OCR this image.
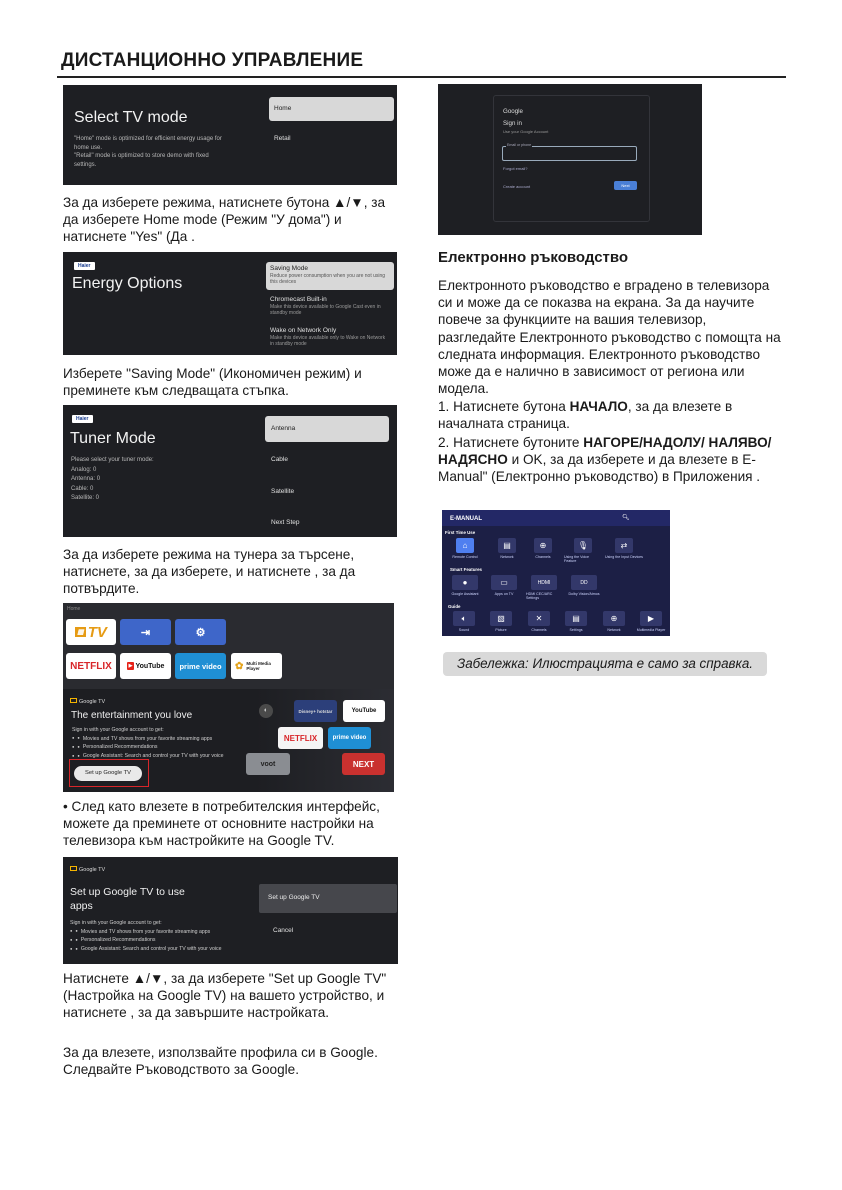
ДИСТАНЦИОННО УПРАВЛЕНИЕ
Select TV mode
"Home" mode is optimized for efficient energy usage for
home use.
"Retail" mode is optimized to store demo with fixed
settings.
Home
Retail

За да изберете режима, натиснете бутона ▲/▼, за да изберете Home mode (Режим "У дома") и натиснете "Yes" (Да .

Haier
Energy Options
Saving Mode
Reduce power consumption when you are not using this devices
Chromecast Built-in
Make this device available to Google Cast even in standby mode
Wake on Network Only
Make this device available only to Wake on Network in standby mode

Изберете "Saving Mode" (Икономичен режим) и преминете към следващата стъпка.

Haier
Tuner Mode
Please select your tuner mode:
Analog: 0
Antenna: 0
Cable: 0
Satellite: 0
Antenna
Cable
Satellite
Next Step

За да изберете режима на тунера за търсене, натиснете, за да изберете, и натиснете , за да потвърдите.

Home
▦ TV	⇥	⚙
NETFLIX	▶ YouTube	prime video	✿ Multi Media Player
Google TV
The entertainment you love
Sign in with your Google account to get:
● ● Movies and TV shows from your favorite streaming apps
● ● Personalized Recommendations
● ● Google Assistant: Search and control your TV with your voice
Set up Google TV
◐	Disney+ hotstar	YouTube
NETFLIX	prime video
voot	NEXT

• След като влезете в потребителския интерфейс, можете да преминете от основните настройки на телевизора към настройките на Google TV.

Google TV
Set up Google TV to use apps
Sign in with your Google account to get:
● ● Movies and TV shows from your favorite streaming apps
● ● Personalized Recommendations
● ● Google Assistant: Search and control your TV with your voice
Set up Google TV
Cancel

Натиснете ▲/▼, за да изберете "Set up Google TV" (Настройка на Google TV) на вашето устройство, и натиснете , за да завършите настройката.

За да влезете, използвайте профила си в Google. Следвайте Ръководството за Google.

Google
Sign in
Use your Google Account
Email or phone
Forgot email?
Create account	Next
Електронно ръководство

Електронното ръководство е вградено в телевизора си и може да се показва на екрана. За да научите повече за функциите на вашия телевизор, разгледайте Електронното ръководство с помощта на следната информация. Електронното ръководство може да е налично в зависимост от региона или модела.

1. Натиснете бутона НАЧАЛО, за да влезете в началната страница.
2. Натиснете бутоните НАГОРЕ/НАДОЛУ/ НАЛЯВО/НАДЯСНО и OK, за да изберете и да влезете в E-Manual" (Електронно ръководство) в Приложения .
E-MANUAL	🔍︎
First Time Use
⌂
Remote Control
▤
Network
⊕
Channels
🎙︎
Using the Voice Feature
⇄
Using the Input Devices
Smart Features
●
Google Assistant
▭
Apps on TV
HDMI
HDMI CEC/ARC Settings
DD
Dolby Vision/Atmos
Guide
🔈︎
Sound
▧
Picture
✕
Channels
▤
Settings
⊕
Network
▶
Multimedia Player
Забележка: Илюстрацията е само за справка.
